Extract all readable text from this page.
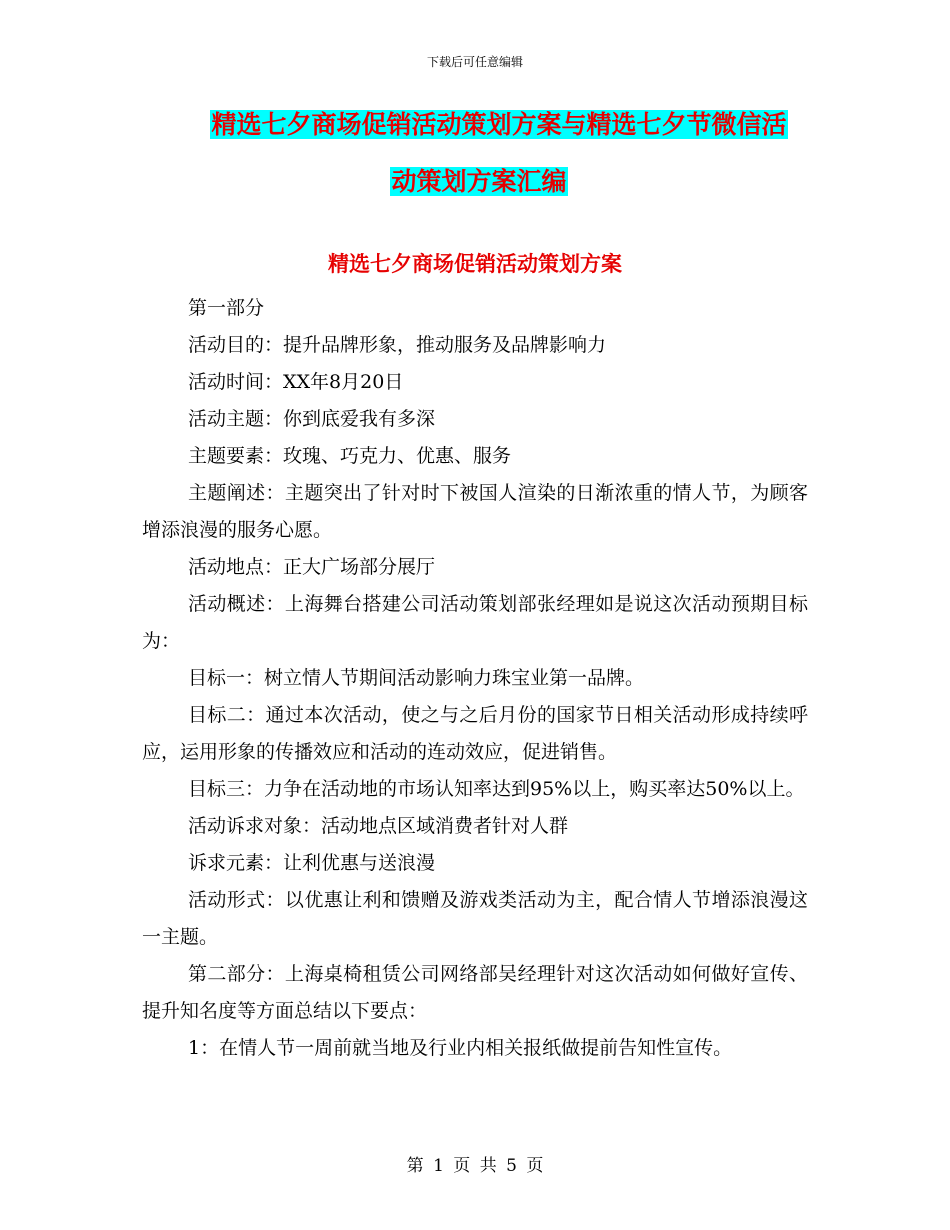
下载后可任意编辑
精选七夕商场促销活动策划方案与精选七夕节微信活
动策划方案汇编
精选七夕商场促销活动策划方案

第一部分

活动目的：提升品牌形象，推动服务及品牌影响力

活动时间：XX年8月20日

活动主题：你到底爱我有多深

主题要素：玫瑰、巧克力、优惠、服务

主题阐述：主题突出了针对时下被国人渲染的日渐浓重的情人节，为顾客增添浪漫的服务心愿。

活动地点：正大广场部分展厅

活动概述：上海舞台搭建公司活动策划部张经理如是说这次活动预期目标为：

目标一：树立情人节期间活动影响力珠宝业第一品牌。

目标二：通过本次活动，使之与之后月份的国家节日相关活动形成持续呼应，运用形象的传播效应和活动的连动效应，促进销售。

目标三：力争在活动地的市场认知率达到95%以上，购买率达50%以上。

活动诉求对象：活动地点区域消费者针对人群

诉求元素：让利优惠与送浪漫

活动形式：以优惠让利和馈赠及游戏类活动为主，配合情人节增添浪漫这一主题。

第二部分：上海桌椅租赁公司网络部吴经理针对这次活动如何做好宣传、提升知名度等方面总结以下要点：

1：在情人节一周前就当地及行业内相关报纸做提前告知性宣传。

第 1 页 共 5 页
